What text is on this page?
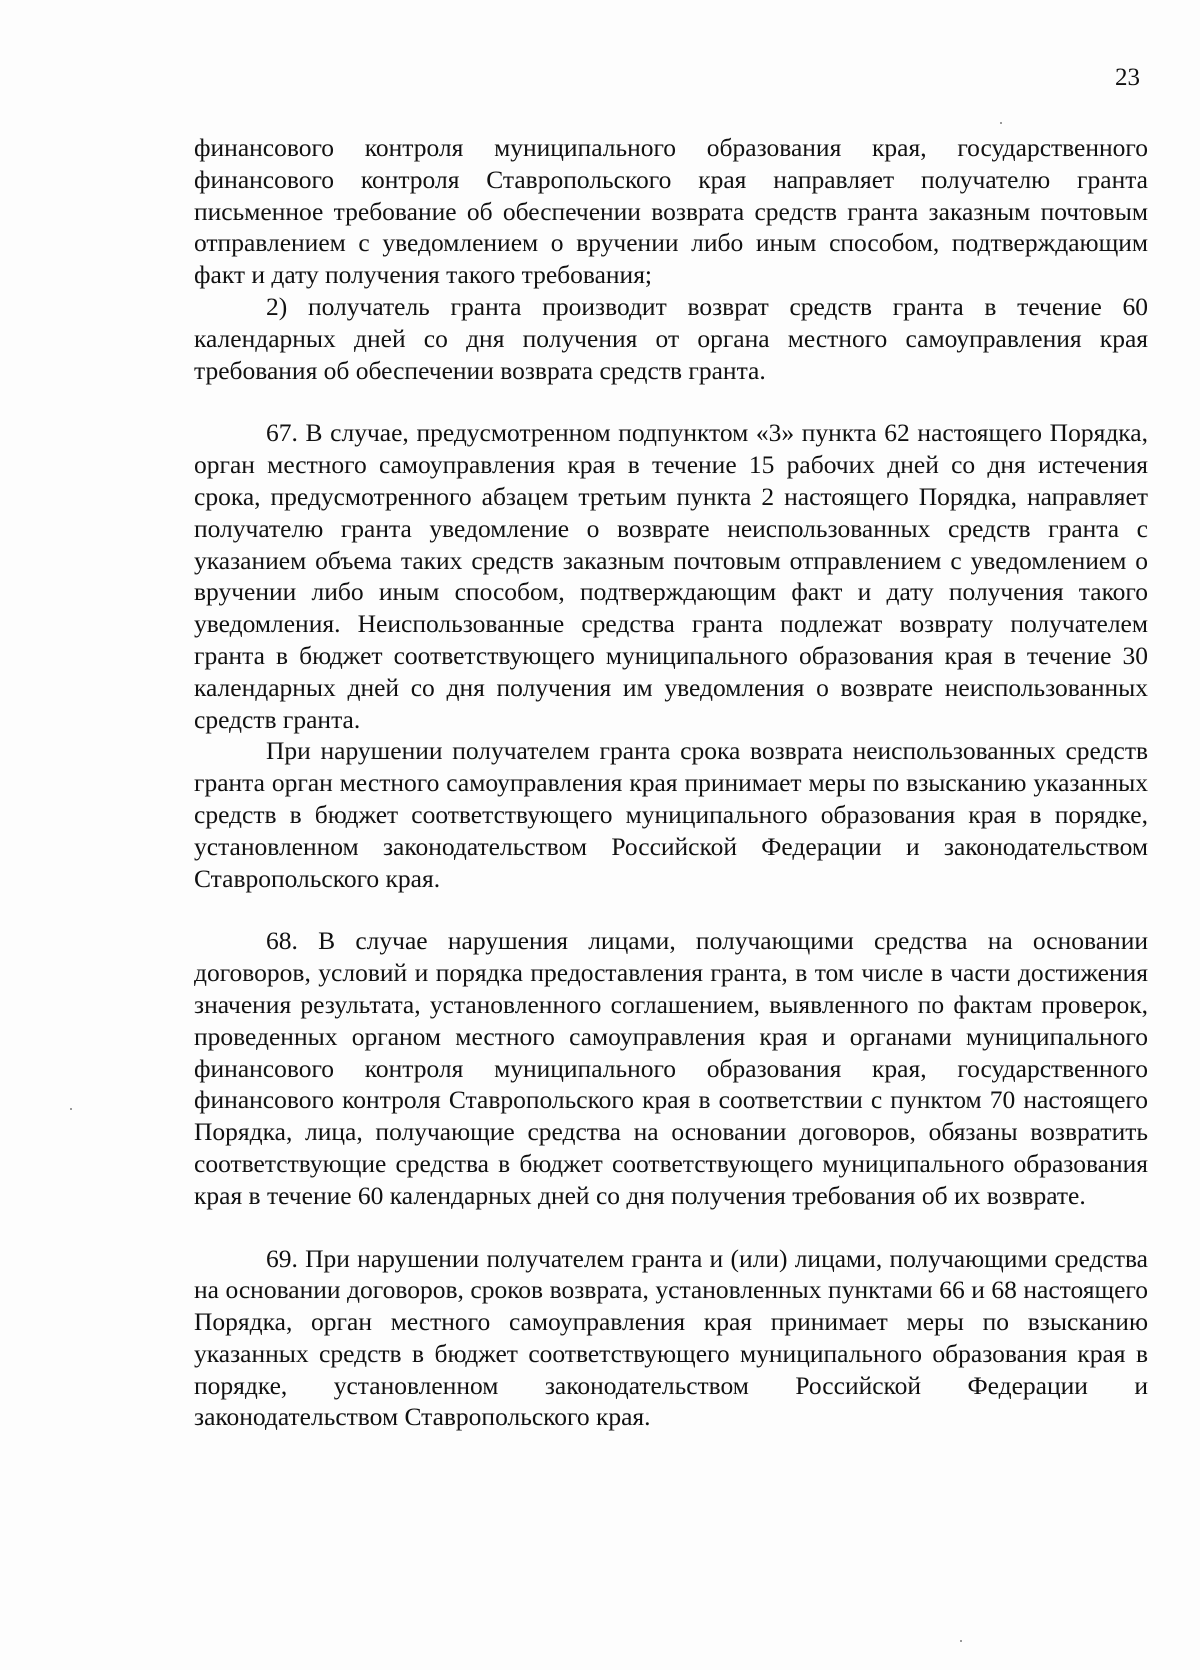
23

финансового контроля муниципального образования края, государственного финансового контроля Ставропольского края направляет получателю гранта письменное требование об обеспечении возврата средств гранта заказным почтовым отправлением с уведомлением о вручении либо иным способом, подтверждающим факт и дату получения такого требования;

2) получатель гранта производит возврат средств гранта в течение 60 календарных дней со дня получения от органа местного самоуправления края требования об обеспечении возврата средств гранта.

67. В случае, предусмотренном подпунктом «3» пункта 62 настоящего Порядка, орган местного самоуправления края в течение 15 рабочих дней со дня истечения срока, предусмотренного абзацем третьим пункта 2 настоящего Порядка, направляет получателю гранта уведомление о возврате неиспользованных средств гранта с указанием объема таких средств заказным почтовым отправлением с уведомлением о вручении либо иным способом, подтверждающим факт и дату получения такого уведомления. Неиспользованные средства гранта подлежат возврату получателем гранта в бюджет соответствующего муниципального образования края в течение 30 календарных дней со дня получения им уведомления о возврате неиспользованных средств гранта.

При нарушении получателем гранта срока возврата неиспользованных средств гранта орган местного самоуправления края принимает меры по взысканию указанных средств в бюджет соответствующего муниципального образования края в порядке, установленном законодательством Российской Федерации и законодательством Ставропольского края.

68. В случае нарушения лицами, получающими средства на основании договоров, условий и порядка предоставления гранта, в том числе в части достижения значения результата, установленного соглашением, выявленного по фактам проверок, проведенных органом местного самоуправления края и органами муниципального финансового контроля муниципального образования края, государственного финансового контроля Ставропольского края в соответствии с пунктом 70 настоящего Порядка, лица, получающие средства на основании договоров, обязаны возвратить соответствующие средства в бюджет соответствующего муниципального образования края в течение 60 календарных дней со дня получения требования об их возврате.

69. При нарушении получателем гранта и (или) лицами, получающими средства на основании договоров, сроков возврата, установленных пунктами 66 и 68 настоящего Порядка, орган местного самоуправления края принимает меры по взысканию указанных средств в бюджет соответствующего муниципального образования края в порядке, установленном законодательством Российской Федерации и законодательством Ставропольского края.
